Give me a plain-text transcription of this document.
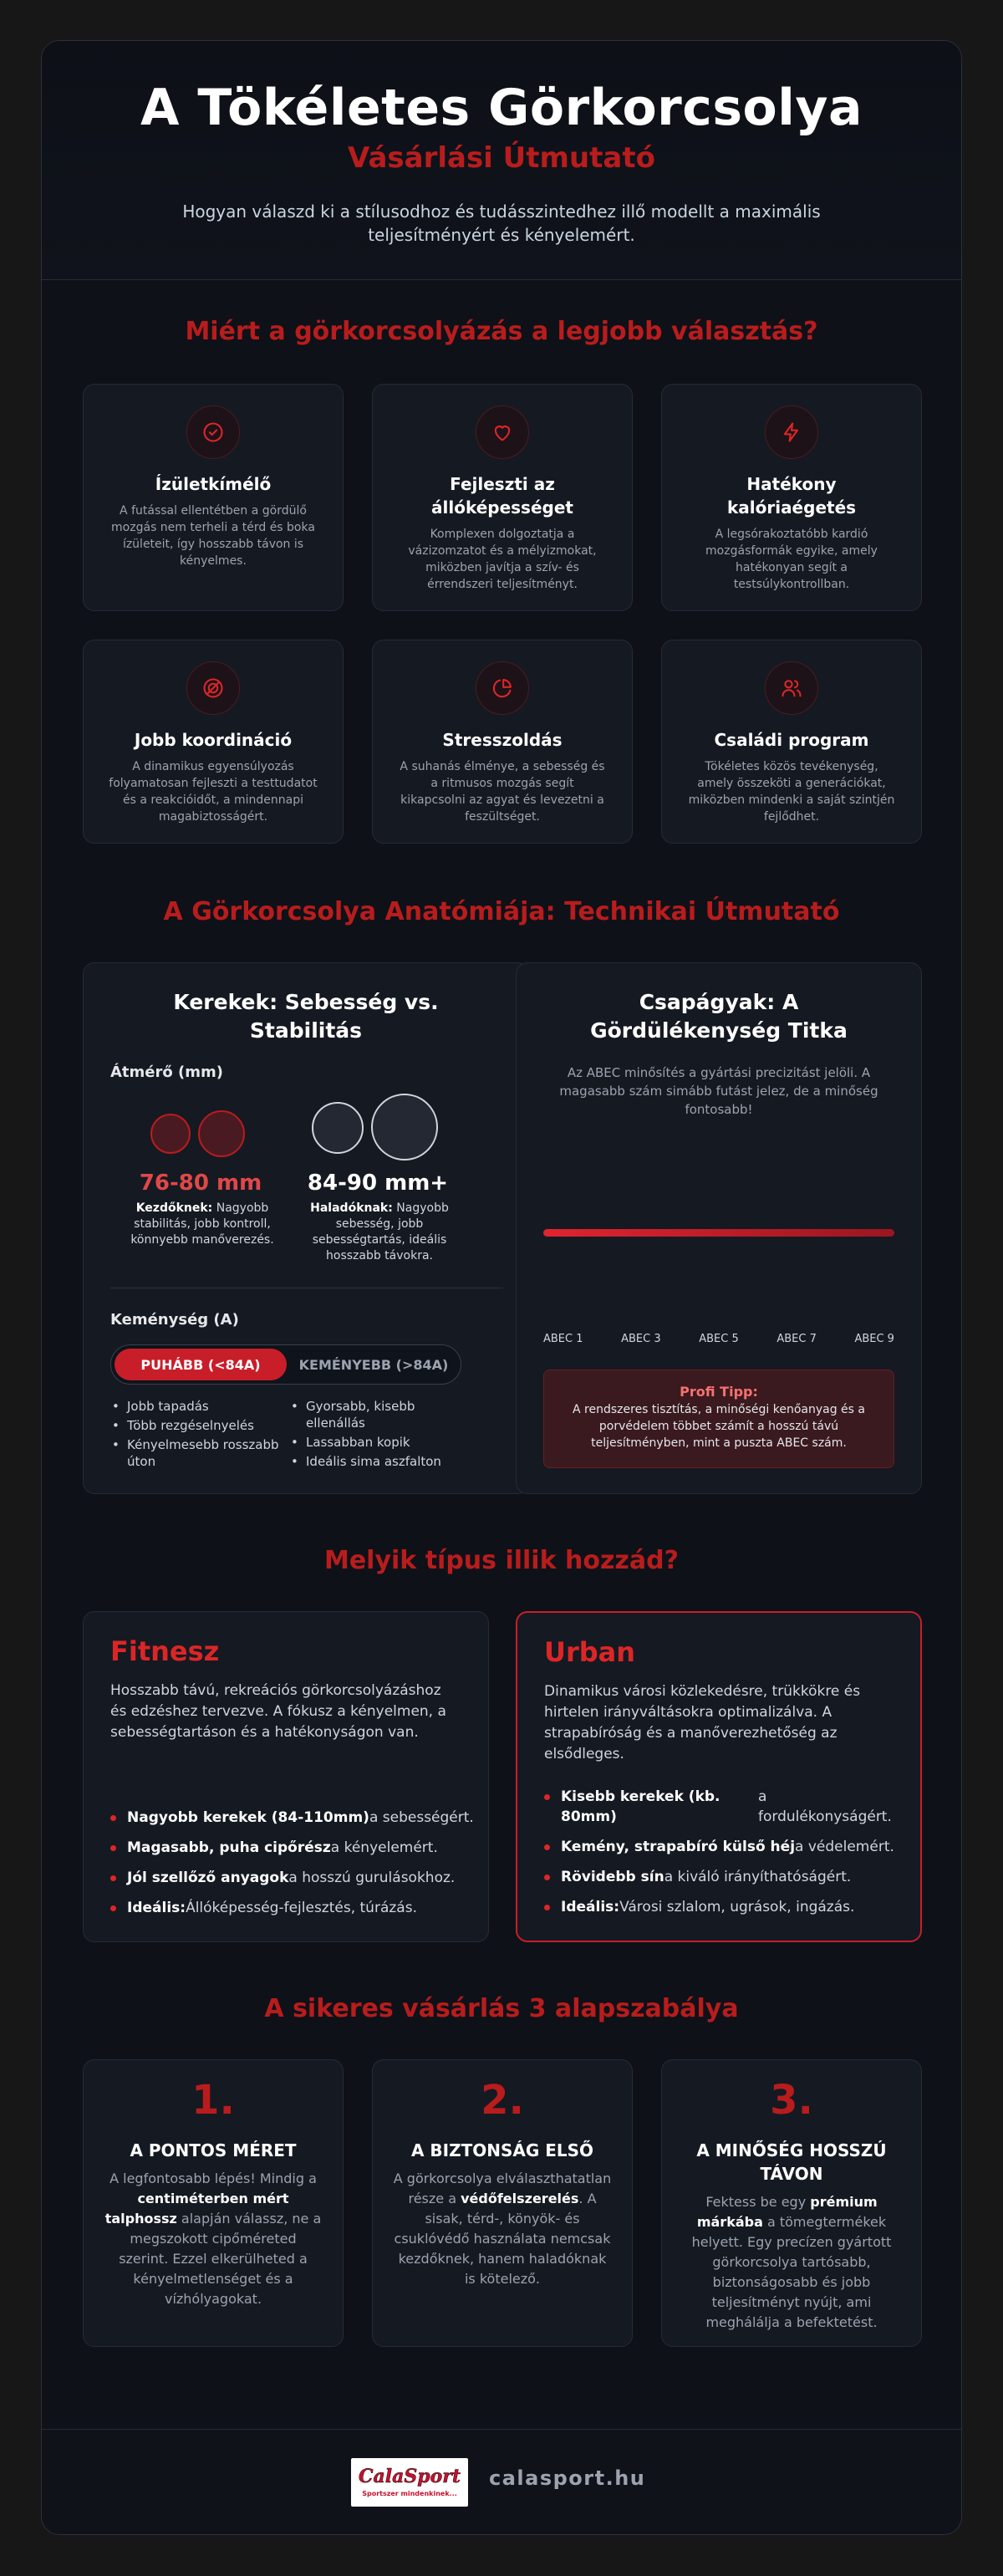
A Tökéletes Görkorcsolya
Vásárlási Útmutató

Hogyan válaszd ki a stílusodhoz és tudásszintedhez illő modellt a maximális teljesítményért és kényelemért.

Miért a görkorcsolyázás a legjobb választás?
Ízületkímélő

A futással ellentétben a gördülő mozgás nem terheli a térd és boka ízületeit, így hosszabb távon is kényelmes.

Fejleszti az állóképességet

Komplexen dolgoztatja a vázizomzatot és a mélyizmokat, miközben javítja a szív- és érrendszeri teljesítményt.

Hatékony kalóriaégetés

A legsórakoztatóbb kardió mozgásformák egyike, amely hatékonyan segít a testsúlykontrollban.

Jobb koordináció

A dinamikus egyensúlyozás folyamatosan fejleszti a testtudatot és a reakcióidőt, a mindennapi magabiztosságért.

Stresszoldás

A suhanás élménye, a sebesség és a ritmusos mozgás segít kikapcsolni az agyat és levezetni a feszültséget.

Családi program

Tökéletes közös tevékenység, amely összeköti a generációkat, miközben mindenki a saját szintjén fejlődhet.

A Görkorcsolya Anatómiája: Technikai Útmutató
Kerekek: Sebesség vs. Stabilitás
Átmérő (mm)
76-80 mm
Kezdőknek: Nagyobb stabilitás, jobb kontroll, könnyebb manőverezés.
84-90 mm+
Haladóknak: Nagyobb sebesség, jobb sebességtartás, ideális hosszabb távokra.
Keménység (A)
PUHÁBB (<84A)	KEMÉNYEBB (>84A)
• Jobb tapadás
• Több rezgéselnyelés
• Kényelmesebb rosszabb úton
• Gyorsabb, kisebb ellenállás
• Lassabban kopik
• Ideális sima aszfalton
Csapágyak: A Gördülékenység Titka

Az ABEC minősítés a gyártási precizitást jelöli. A magasabb szám simább futást jelez, de a minőség fontosabb!

ABEC 1	ABEC 3	ABEC 5	ABEC 7	ABEC 9
Profi Tipp:
A rendszeres tisztítás, a minőségi kenőanyag és a porvédelem többet számít a hosszú távú teljesítményben, mint a puszta ABEC szám.
Melyik típus illik hozzád?
Fitnesz

Hosszabb távú, rekreációs görkorcsolyázáshoz és edzéshez tervezve. A fókusz a kényelmen, a sebességtartáson és a hatékonyságon van.

Nagyobb kerekek (84-110mm) a sebességért.
Magasabb, puha cipőrész a kényelemért.
Jól szellőző anyagok a hosszú gurulásokhoz.
Ideális: Állóképesség-fejlesztés, túrázás.
Urban

Dinamikus városi közlekedésre, trükkökre és hirtelen irányváltásokra optimalizálva. A strapabíróság és a manőverezhetőség az elsődleges.

Kisebb kerekek (kb. 80mm)
a fordulékonyságért.
Kemény, strapabíró külső héj a védelemért.
Rövidebb sín a kiváló irányíthatóságért.
Ideális: Városi szlalom, ugrások, ingázás.
A sikeres vásárlás 3 alapszabálya
1.
A PONTOS MÉRET

A legfontosabb lépés! Mindig a centiméterben mért talphossz alapján válassz, ne a megszokott cipőméreted szerint. Ezzel elkerülheted a kényelmetlenséget és a vízhólyagokat.

2.
A BIZTONSÁG ELSŐ

A görkorcsolya elválaszthatatlan része a védőfelszerelés. A sisak, térd-, könyök- és csuklóvédő használata nemcsak kezdőknek, hanem haladóknak is kötelező.

3.
A MINŐSÉG HOSSZÚ TÁVON

Fektess be egy prémium márkába a tömegtermékek helyett. Egy precízen gyártott görkorcsolya tartósabb, biztonságosabb és jobb teljesítményt nyújt, ami meghálálja a befektetést.

CalaSport
Sportszer mindenkinek...
calasport.hu
